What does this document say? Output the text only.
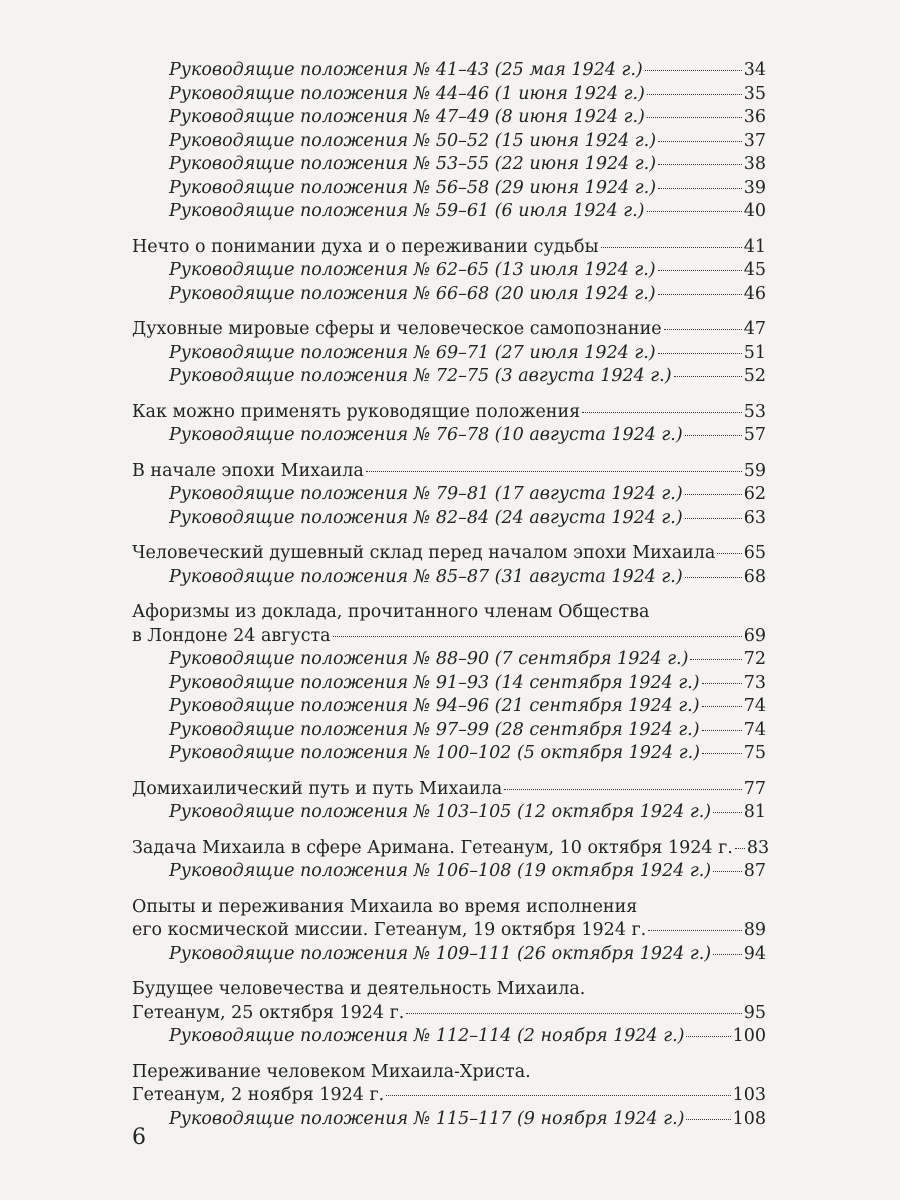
Руководящие положения № 41–43 (25 мая 1924 г.)	34
Руководящие положения № 44–46 (1 июня 1924 г.)	35
Руководящие положения № 47–49 (8 июня 1924 г.)	36
Руководящие положения № 50–52 (15 июня 1924 г.)	37
Руководящие положения № 53–55 (22 июня 1924 г.)	38
Руководящие положения № 56–58 (29 июня 1924 г.)	39
Руководящие положения № 59–61 (6 июля 1924 г.)	40
Нечто о понимании духа и о переживании судьбы	41
Руководящие положения № 62–65 (13 июля 1924 г.)	45
Руководящие положения № 66–68 (20 июля 1924 г.)	46
Духовные мировые сферы и человеческое самопознание	47
Руководящие положения № 69–71 (27 июля 1924 г.)	51
Руководящие положения № 72–75 (3 августа 1924 г.)	52
Как можно применять руководящие положения	53
Руководящие положения № 76–78 (10 августа 1924 г.)	57
В начале эпохи Михаила	59
Руководящие положения № 79–81 (17 августа 1924 г.)	62
Руководящие положения № 82–84 (24 августа 1924 г.)	63
Человеческий душевный склад перед началом эпохи Михаила 65
Руководящие положения № 85–87 (31 августа 1924 г.)	68
Афоризмы из доклада, прочитанного членам Общества
в Лондоне 24 августа	69
Руководящие положения № 88–90 (7 сентября 1924 г.)	72
Руководящие положения № 91–93 (14 сентября 1924 г.)	73
Руководящие положения № 94–96 (21 сентября 1924 г.)	74
Руководящие положения № 97–99 (28 сентября 1924 г.)	74
Руководящие положения № 100–102 (5 октября 1924 г.) 75
Домихаилический путь и путь Михаила	77
Руководящие положения № 103–105 (12 октября 1924 г.) 81
Задача Михаила в сфере Аримана. Гетеанум, 10 октября 1924 г. 83
Руководящие положения № 106–108 (19 октября 1924 г.) 87
Опыты и переживания Михаила во время исполнения
его космической миссии. Гетеанум, 19 октября 1924 г.	89
Руководящие положения № 109–111 (26 октября 1924 г.) 94
Будущее человечества и деятельность Михаила.
Гетеанум, 25 октября 1924 г.	95
Руководящие положения № 112–114 (2 ноября 1924 г.)	100
Переживание человеком Михаила-Христа.
Гетеанум, 2 ноября 1924 г.	103
Руководящие положения № 115–117 (9 ноября 1924 г.)	108
6
